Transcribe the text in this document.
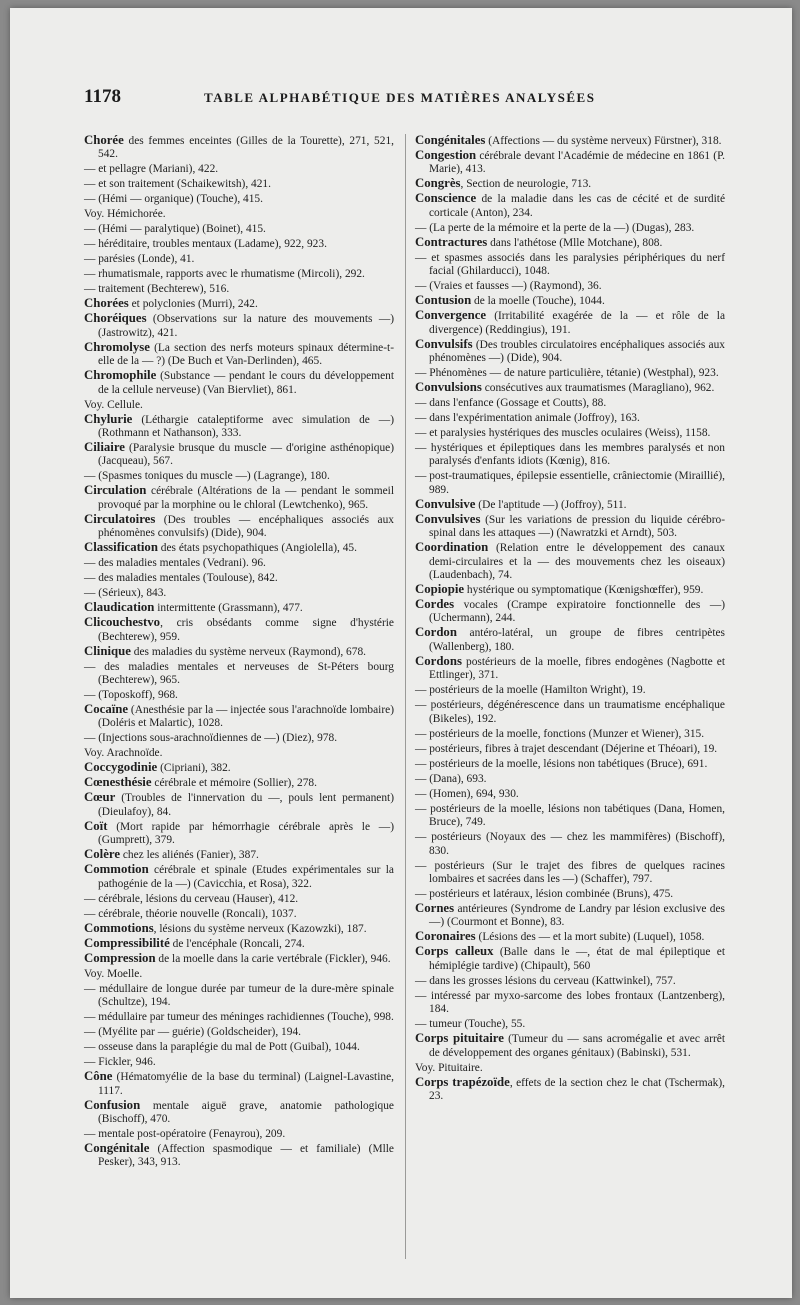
1178	TABLE ALPHABÉTIQUE DES MATIÈRES ANALYSÉES

Chorée des femmes enceintes (Gilles de la Tourette), 271, 521, 542.

— et pellagre (Mariani), 422.

— et son traitement (Schaikewitsh), 421.

— (Hémi — organique) (Touche), 415.

Voy. Hémichorée.

— (Hémi — paralytique) (Boinet), 415.

— héréditaire, troubles mentaux (Ladame), 922, 923.

— parésies (Londe), 41.

— rhumatismale, rapports avec le rhumatisme (Mircoli), 292.

— traitement (Bechterew), 516.

Chorées et polyclonies (Murri), 242.

Choréiques (Observations sur la nature des mouvements —) (Jastrowitz), 421.

Chromolyse (La section des nerfs moteurs spinaux détermine-t-elle de la — ?) (De Buch et Van-Derlinden), 465.

Chromophile (Substance — pendant le cours du développement de la cellule nerveuse) (Van Biervliet), 861.

Voy. Cellule.

Chylurie (Léthargie cataleptiforme avec simulation de —) (Rothmann et Nathanson), 333.

Ciliaire (Paralysie brusque du muscle — d'origine asthénopique) (Jacqueau), 567.

— (Spasmes toniques du muscle —) (Lagrange), 180.

Circulation cérébrale (Altérations de la — pendant le sommeil provoqué par la morphine ou le chloral (Lewtchenko), 965.

Circulatoires (Des troubles — encéphaliques associés aux phénomènes convulsifs) (Dide), 904.

Classification des états psychopathiques (Angiolella), 45.

— des maladies mentales (Vedrani). 96.

— des maladies mentales (Toulouse), 842.

— (Sérieux), 843.

Claudication intermittente (Grassmann), 477.

Clicouchestvo, cris obsédants comme signe d'hystérie (Bechterew), 959.

Clinique des maladies du système nerveux (Raymond), 678.

— des maladies mentales et nerveuses de St-Péters bourg (Bechterew), 965.

— (Toposkoff), 968.

Cocaïne (Anesthésie par la — injectée sous l'arachnoïde lombaire) (Doléris et Malartic), 1028.

— (Injections sous-arachnoïdiennes de —) (Diez), 978.

Voy. Arachnoïde.

Coccygodinie (Cipriani), 382.

Cœnesthésie cérébrale et mémoire (Sollier), 278.

Cœur (Troubles de l'innervation du —, pouls lent permanent) (Dieulafoy), 84.

Coït (Mort rapide par hémorrhagie cérébrale après le —) (Gumprett), 379.

Colère chez les aliénés (Fanier), 387.

Commotion cérébrale et spinale (Etudes expérimentales sur la pathogénie de la —) (Cavicchia, et Rosa), 322.

— cérébrale, lésions du cerveau (Hauser), 412.

— cérébrale, théorie nouvelle (Roncali), 1037.

Commotions, lésions du système nerveux (Kazowzki), 187.

Compressibilité de l'encéphale (Roncali, 274.

Compression de la moelle dans la carie vertébrale (Fickler), 946.

Voy. Moelle.

— médullaire de longue durée par tumeur de la dure-mère spinale (Schultze), 194.

— médullaire par tumeur des méninges rachidiennes (Touche), 998.

— (Myélite par — guérie) (Goldscheider), 194.

— osseuse dans la paraplégie du mal de Pott (Guibal), 1044.

— Fickler, 946.

Cône (Hématomyélie de la base du terminal) (Laignel-Lavastine, 1117.

Confusion mentale aiguë grave, anatomie pathologique (Bischoff), 470.

— mentale post-opératoire (Fenayrou), 209.

Congénitale (Affection spasmodique — et familiale) (Mlle Pesker), 343, 913.

Congénitales (Affections — du système nerveux) Fürstner), 318.

Congestion cérébrale devant l'Académie de médecine en 1861 (P. Marie), 413.

Congrès, Section de neurologie, 713.

Conscience de la maladie dans les cas de cécité et de surdité corticale (Anton), 234.

— (La perte de la mémoire et la perte de la —) (Dugas), 283.

Contractures dans l'athétose (Mlle Motchane), 808.

— et spasmes associés dans les paralysies périphériques du nerf facial (Ghilarducci), 1048.

— (Vraies et fausses —) (Raymond), 36.

Contusion de la moelle (Touche), 1044.

Convergence (Irritabilité exagérée de la — et rôle de la divergence) (Reddingius), 191.

Convulsifs (Des troubles circulatoires encéphaliques associés aux phénomènes —) (Dide), 904.

— Phénomènes — de nature particulière, tétanie) (Westphal), 923.

Convulsions consécutives aux traumatismes (Maragliano), 962.

— dans l'enfance (Gossage et Coutts), 88.

— dans l'expérimentation animale (Joffroy), 163.

— et paralysies hystériques des muscles oculaires (Weiss), 1158.

— hystériques et épileptiques dans les membres paralysés et non paralysés d'enfants idiots (Kœnig), 816.

— post-traumatiques, épilepsie essentielle, crâniectomie (Miraillié), 989.

Convulsive (De l'aptitude —) (Joffroy), 511.

Convulsives (Sur les variations de pression du liquide cérébro-spinal dans les attaques —) (Nawratzki et Arndt), 503.

Coordination (Relation entre le développement des canaux demi-circulaires et la — des mouvements chez les oiseaux) (Laudenbach), 74.

Copiopie hystérique ou symptomatique (Kœnigshœffer), 959.

Cordes vocales (Crampe expiratoire fonctionnelle des —) (Uchermann), 244.

Cordon antéro-latéral, un groupe de fibres centripètes (Wallenberg), 180.

Cordons postérieurs de la moelle, fibres endogènes (Nagbotte et Ettlinger), 371.

— postérieurs de la moelle (Hamilton Wright), 19.

— postérieurs, dégénérescence dans un traumatisme encéphalique (Bikeles), 192.

— postérieurs de la moelle, fonctions (Munzer et Wiener), 315.

— postérieurs, fibres à trajet descendant (Déjerine et Théoari), 19.

— postérieurs de la moelle, lésions non tabétiques (Bruce), 691.

— (Dana), 693.

— (Homen), 694, 930.

— postérieurs de la moelle, lésions non tabétiques (Dana, Homen, Bruce), 749.

— postérieurs (Noyaux des — chez les mammifères) (Bischoff), 830.

— postérieurs (Sur le trajet des fibres de quelques racines lombaires et sacrées dans les —) (Schaffer), 797.

— postérieurs et latéraux, lésion combinée (Bruns), 475.

Cornes antérieures (Syndrome de Landry par lésion exclusive des —) (Courmont et Bonne), 83.

Coronaires (Lésions des — et la mort subite) (Luquel), 1058.

Corps calleux (Balle dans le —, état de mal épileptique et hémiplégie tardive) (Chipault), 560

— dans les grosses lésions du cerveau (Kattwinkel), 757.

— intéressé par myxo-sarcome des lobes frontaux (Lantzenberg), 184.

— tumeur (Touche), 55.

Corps pituitaire (Tumeur du — sans acromégalie et avec arrêt de développement des organes génitaux) (Babinski), 531.

Voy. Pituitaire.

Corps trapézoïde, effets de la section chez le chat (Tschermak), 23.
